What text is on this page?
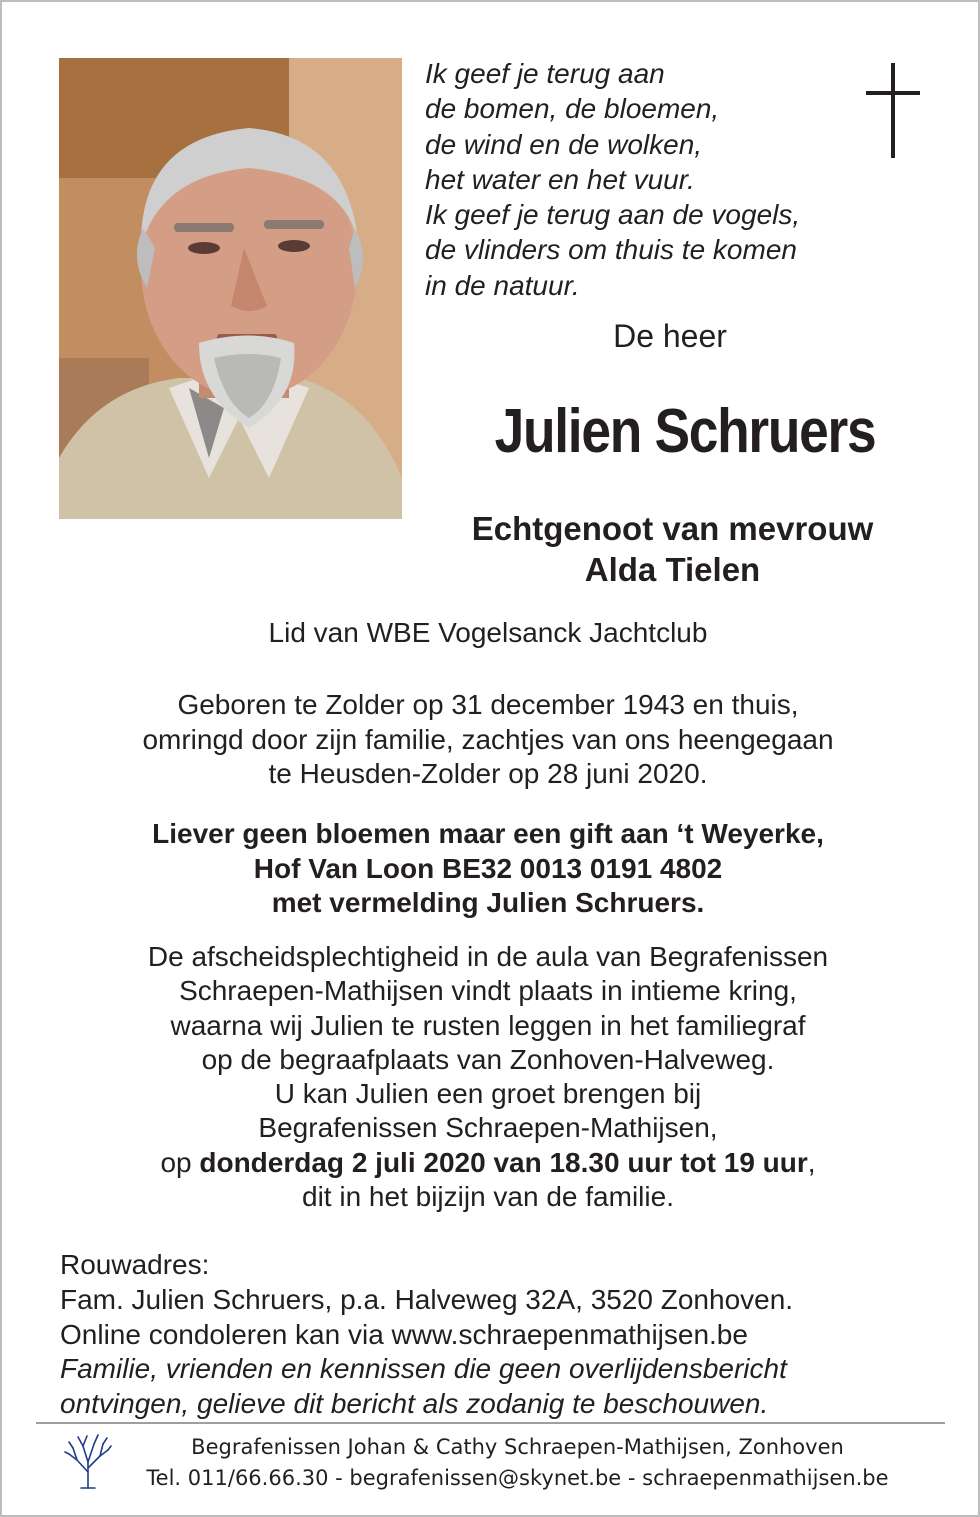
Ik geef je terug aan
de bomen, de bloemen,
de wind en de wolken,
het water en het vuur.
Ik geef je terug aan de vogels,
de vlinders om thuis te komen
in de natuur.
De heer
Julien Schruers
Echtgenoot van mevrouw
Alda Tielen
Lid van WBE Vogelsanck Jachtclub
Geboren te Zolder op 31 december 1943 en thuis,
omringd door zijn familie, zachtjes van ons heengegaan
te Heusden-Zolder op 28 juni 2020.
Liever geen bloemen maar een gift aan ‘t Weyerke,
Hof Van Loon BE32 0013 0191 4802
met vermelding Julien Schruers.
De afscheidsplechtigheid in de aula van Begrafenissen
Schraepen-Mathijsen vindt plaats in intieme kring,
waarna wij Julien te rusten leggen in het familiegraf
op de begraafplaats van Zonhoven-Halveweg.
U kan Julien een groet brengen bij
Begrafenissen Schraepen-Mathijsen,
op donderdag 2 juli 2020 van 18.30 uur tot 19 uur,
dit in het bijzijn van de familie.
Rouwadres:
Fam. Julien Schruers, p.a. Halveweg 32A, 3520 Zonhoven.
Online condoleren kan via www.schraepenmathijsen.be
Familie, vrienden en kennissen die geen overlijdensbericht
ontvingen, gelieve dit bericht als zodanig te beschouwen.
Begrafenissen Johan & Cathy Schraepen-Mathijsen, Zonhoven
Tel. 011/66.66.30 - begrafenissen@skynet.be - schraepenmathijsen.be
